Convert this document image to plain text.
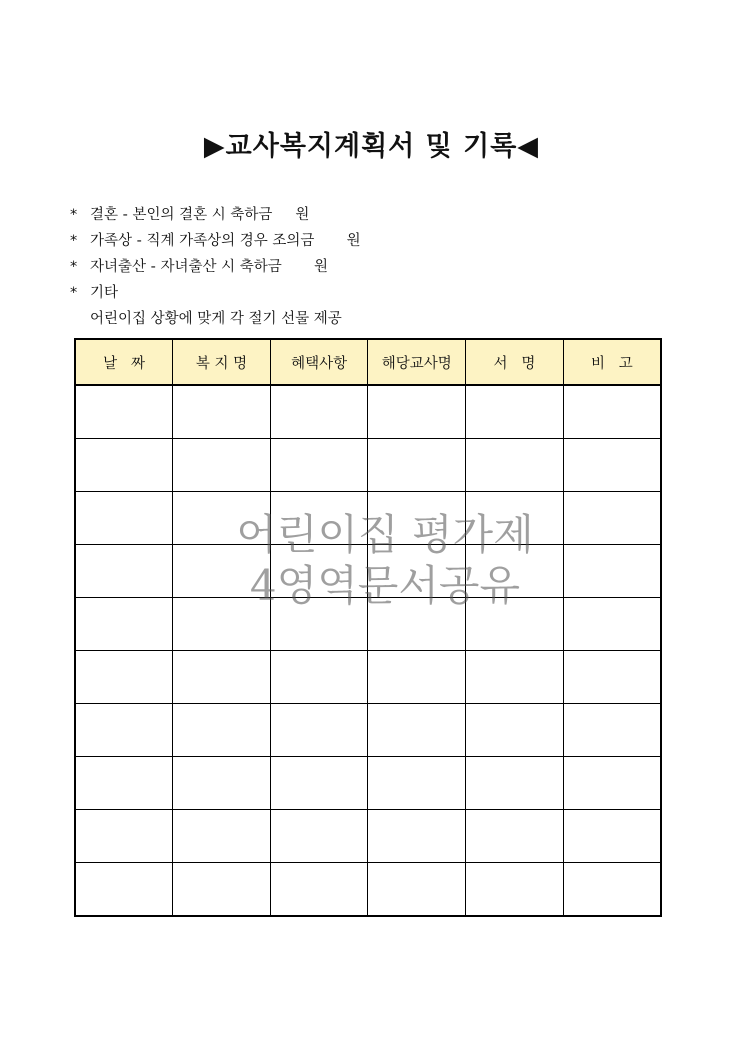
▶교사복지계획서 및 기록◀
* 결혼 - 본인의 결혼 시 축하금     원
* 가족상 - 직계 가족상의 경우 조의금       원
* 자녀출산 - 자녀출산 시 축하금       원
* 기타
어린이집 상황에 맞게 각 절기 선물 제공
날   짜	복 지 명	혜택사항	해당교사명	서   명	비   고

어린이집 평가제
4영역문서공유
